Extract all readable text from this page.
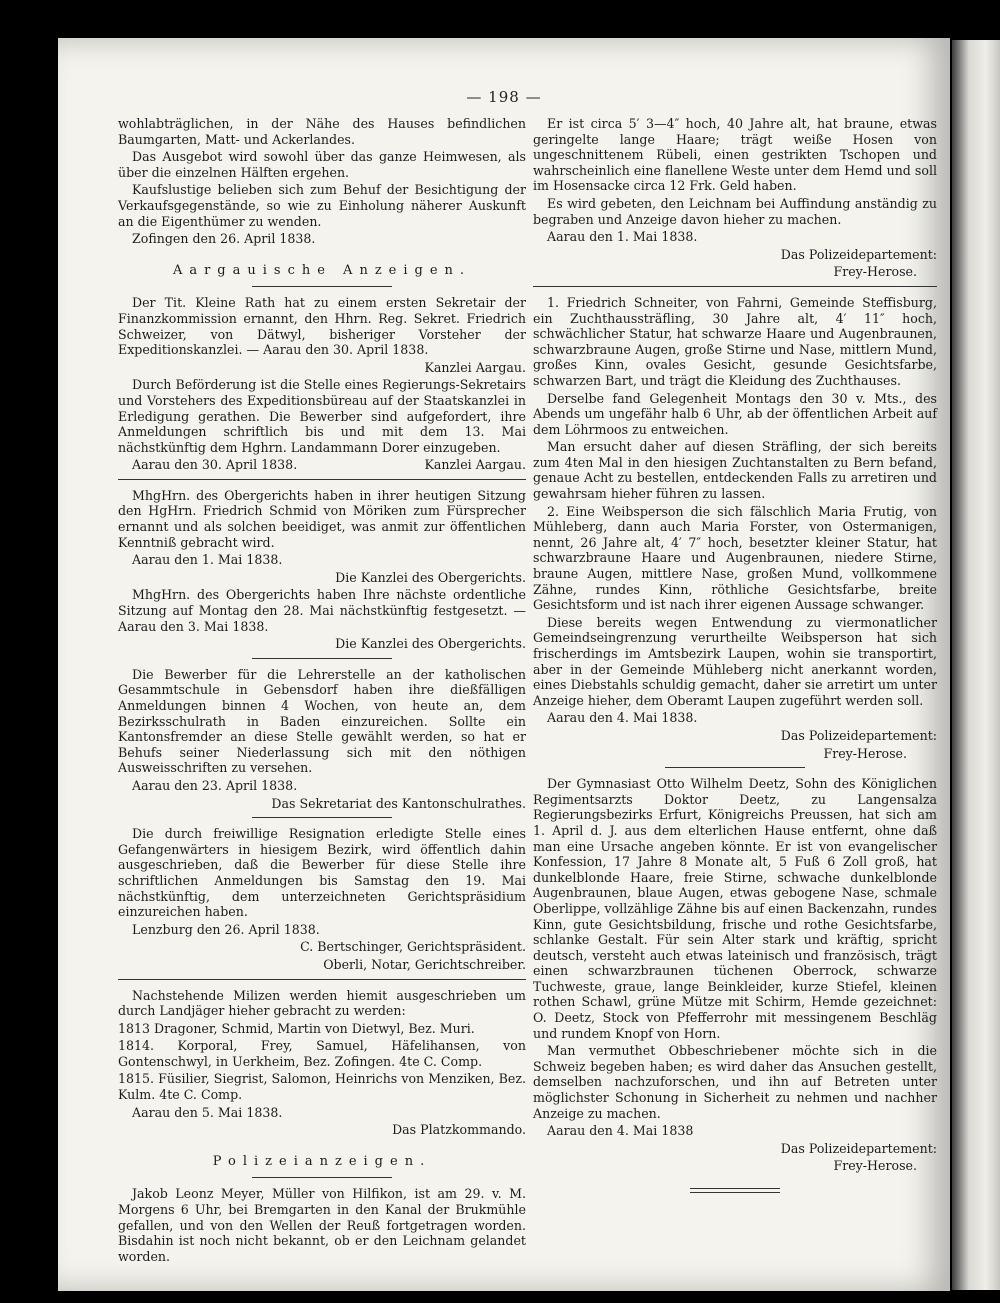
— 198 —

wohlabträglichen, in der Nähe des Hauses befindlichen Baumgarten, Matt- und Ackerlandes.

Das Ausgebot wird sowohl über das ganze Heimwesen, als über die einzelnen Hälften ergehen.

Kaufslustige belieben sich zum Behuf der Besichtigung der Verkaufsgegenstände, so wie zu Einholung näherer Auskunft an die Eigenthümer zu wenden.

Zofingen den 26. April 1838.

Aargauische Anzeigen.

Der Tit. Kleine Rath hat zu einem ersten Sekretair der Finanzkommission ernannt, den Hhrn. Reg. Sekret. Friedrich Schweizer, von Dätwyl, bisheriger Vorsteher der Expeditionskanzlei. — Aarau den 30. April 1838.

Kanzlei Aargau.

Durch Beförderung ist die Stelle eines Regierungs-Sekretairs und Vorstehers des Expeditionsbüreau auf der Staatskanzlei in Erledigung gerathen. Die Bewerber sind aufgefordert, ihre Anmeldungen schriftlich bis und mit dem 13. Mai nächstkünftig dem Hghrn. Landammann Dorer einzugeben.

Aarau den 30. April 1838.	Kanzlei Aargau.

MhgHrn. des Obergerichts haben in ihrer heutigen Sitzung den HgHrn. Friedrich Schmid von Möriken zum Fürsprecher ernannt und als solchen beeidiget, was anmit zur öffentlichen Kenntniß gebracht wird.

Aarau den 1. Mai 1838.

Die Kanzlei des Obergerichts.

MhgHrn. des Obergerichts haben Ihre nächste ordentliche Sitzung auf Montag den 28. Mai nächstkünftig festgesetzt. — Aarau den 3. Mai 1838.

Die Kanzlei des Obergerichts.

Die Bewerber für die Lehrerstelle an der katholischen Gesammtschule in Gebensdorf haben ihre dießfälligen Anmeldungen binnen 4 Wochen, von heute an, dem Bezirksschulrath in Baden einzureichen. Sollte ein Kantonsfremder an diese Stelle gewählt werden, so hat er Behufs seiner Niederlassung sich mit den nöthigen Ausweisschriften zu versehen.

Aarau den 23. April 1838.

Das Sekretariat des Kantonschulrathes.

Die durch freiwillige Resignation erledigte Stelle eines Gefangenwärters in hiesigem Bezirk, wird öffentlich dahin ausgeschrieben, daß die Bewerber für diese Stelle ihre schriftlichen Anmeldungen bis Samstag den 19. Mai nächstkünftig, dem unterzeichneten Gerichtspräsidium einzureichen haben.

Lenzburg den 26. April 1838.

C. Bertschinger, Gerichtspräsident.
Oberli, Notar, Gerichtschreiber.

Nachstehende Milizen werden hiemit ausgeschrieben um durch Landjäger hieher gebracht zu werden:

1813 Dragoner, Schmid, Martin von Dietwyl, Bez. Muri.

1814. Korporal, Frey, Samuel, Häfelihansen, von Gontenschwyl, in Uerkheim, Bez. Zofingen. 4te C. Comp.

1815. Füsilier, Siegrist, Salomon, Heinrichs von Menziken, Bez. Kulm. 4te C. Comp.

Aarau den 5. Mai 1838.

Das Platzkommando.
Polizeianzeigen.

Jakob Leonz Meyer, Müller von Hilfikon, ist am 29. v. M. Morgens 6 Uhr, bei Bremgarten in den Kanal der Brukmühle gefallen, und von den Wellen der Reuß fortgetragen worden. Bisdahin ist noch nicht bekannt, ob er den Leichnam gelandet worden.

Er ist circa 5′ 3—4″ hoch, 40 Jahre alt, hat braune, etwas geringelte lange Haare; trägt weiße Hosen von ungeschnittenem Rübeli, einen gestrikten Tschopen und wahrscheinlich eine flanellene Weste unter dem Hemd und soll im Hosensacke circa 12 Frk. Geld haben.

Es wird gebeten, den Leichnam bei Auffindung anständig zu begraben und Anzeige davon hieher zu machen.

Aarau den 1. Mai 1838.

Das Polizeidepartement:
Frey-Herose.

1. Friedrich Schneiter, von Fahrni, Gemeinde Steffisburg, ein Zuchthaussträfling, 30 Jahre alt, 4′ 11″ hoch, schwächlicher Statur, hat schwarze Haare und Augenbraunen, schwarzbraune Augen, große Stirne und Nase, mittlern Mund, großes Kinn, ovales Gesicht, gesunde Gesichtsfarbe, schwarzen Bart, und trägt die Kleidung des Zuchthauses.

Derselbe fand Gelegenheit Montags den 30 v. Mts., des Abends um ungefähr halb 6 Uhr, ab der öffentlichen Arbeit auf dem Löhrmoos zu entweichen.

Man ersucht daher auf diesen Sträfling, der sich bereits zum 4ten Mal in den hiesigen Zuchtanstalten zu Bern befand, genaue Acht zu bestellen, entdeckenden Falls zu arretiren und gewahrsam hieher führen zu lassen.

2. Eine Weibsperson die sich fälschlich Maria Frutig, von Mühleberg, dann auch Maria Forster, von Ostermanigen, nennt, 26 Jahre alt, 4′ 7″ hoch, besetzter kleiner Statur, hat schwarzbraune Haare und Augenbraunen, niedere Stirne, braune Augen, mittlere Nase, großen Mund, vollkommene Zähne, rundes Kinn, röthliche Gesichtsfarbe, breite Gesichtsform und ist nach ihrer eigenen Aussage schwanger.

Diese bereits wegen Entwendung zu viermonatlicher Gemeindseingrenzung verurtheilte Weibsperson hat sich frischerdings im Amtsbezirk Laupen, wohin sie transportirt, aber in der Gemeinde Mühleberg nicht anerkannt worden, eines Diebstahls schuldig gemacht, daher sie arretirt um unter Anzeige hieher, dem Oberamt Laupen zugeführt werden soll.

Aarau den 4. Mai 1838.

Das Polizeidepartement:
Frey-Herose.

Der Gymnasiast Otto Wilhelm Deetz, Sohn des Königlichen Regimentsarzts Doktor Deetz, zu Langensalza Regierungsbezirks Erfurt, Königreichs Preussen, hat sich am 1. April d. J. aus dem elterlichen Hause entfernt, ohne daß man eine Ursache angeben könnte. Er ist von evangelischer Konfession, 17 Jahre 8 Monate alt, 5 Fuß 6 Zoll groß, hat dunkelblonde Haare, freie Stirne, schwache dunkelblonde Augenbraunen, blaue Augen, etwas gebogene Nase, schmale Oberlippe, vollzählige Zähne bis auf einen Backenzahn, rundes Kinn, gute Gesichtsbildung, frische und rothe Gesichtsfarbe, schlanke Gestalt. Für sein Alter stark und kräftig, spricht deutsch, versteht auch etwas lateinisch und französisch, trägt einen schwarzbraunen tüchenen Oberrock, schwarze Tuchweste, graue, lange Beinkleider, kurze Stiefel, kleinen rothen Schawl, grüne Mütze mit Schirm, Hemde gezeichnet: O. Deetz, Stock von Pfefferrohr mit messingenem Beschläg und rundem Knopf von Horn.

Man vermuthet Obbeschriebener möchte sich in die Schweiz begeben haben; es wird daher das Ansuchen gestellt, demselben nachzuforschen, und ihn auf Betreten unter möglichster Schonung in Sicherheit zu nehmen und nachher Anzeige zu machen.

Aarau den 4. Mai 1838

Das Polizeidepartement:
Frey-Herose.
